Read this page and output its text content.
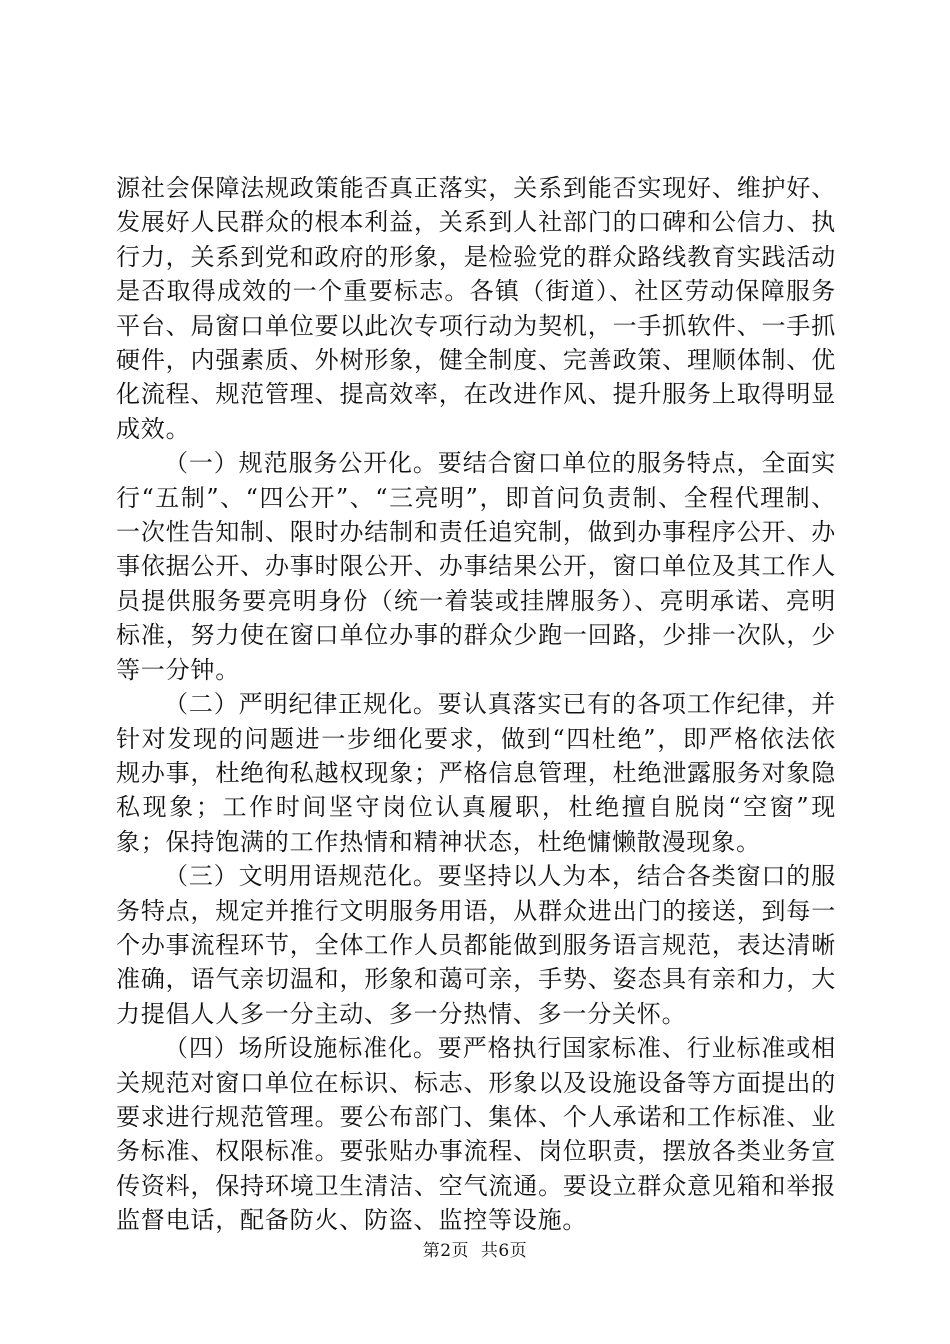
源社会保障法规政策能否真正落实，关系到能否实现好、维护好、发展好人民群众的根本利益，关系到人社部门的口碑和公信力、执行力，关系到党和政府的形象，是检验党的群众路线教育实践活动是否取得成效的一个重要标志。各镇（街道）、社区劳动保障服务平台、局窗口单位要以此次专项行动为契机，一手抓软件、一手抓硬件，内强素质、外树形象，健全制度、完善政策、理顺体制、优化流程、规范管理、提高效率，在改进作风、提升服务上取得明显成效。

（一）规范服务公开化。要结合窗口单位的服务特点，全面实行“五制”、“四公开”、“三亮明”，即首问负责制、全程代理制、一次性告知制、限时办结制和责任追究制，做到办事程序公开、办事依据公开、办事时限公开、办事结果公开，窗口单位及其工作人员提供服务要亮明身份（统一着装或挂牌服务）、亮明承诺、亮明标准，努力使在窗口单位办事的群众少跑一回路，少排一次队，少等一分钟。

（二）严明纪律正规化。要认真落实已有的各项工作纪律，并针对发现的问题进一步细化要求，做到“四杜绝”，即严格依法依规办事，杜绝徇私越权现象；严格信息管理，杜绝泄露服务对象隐私现象；工作时间坚守岗位认真履职，杜绝擅自脱岗“空窗”现象；保持饱满的工作热情和精神状态，杜绝慵懒散漫现象。

（三）文明用语规范化。要坚持以人为本，结合各类窗口的服务特点，规定并推行文明服务用语，从群众进出门的接送，到每一个办事流程环节，全体工作人员都能做到服务语言规范，表达清晰准确，语气亲切温和，形象和蔼可亲，手势、姿态具有亲和力，大力提倡人人多一分主动、多一分热情、多一分关怀。

（四）场所设施标准化。要严格执行国家标准、行业标准或相关规范对窗口单位在标识、标志、形象以及设施设备等方面提出的要求进行规范管理。要公布部门、集体、个人承诺和工作标准、业务标准、权限标准。要张贴办事流程、岗位职责，摆放各类业务宣传资料，保持环境卫生清洁、空气流通。要设立群众意见箱和举报监督电话，配备防火、防盗、监控等设施。

第2页 共6页
